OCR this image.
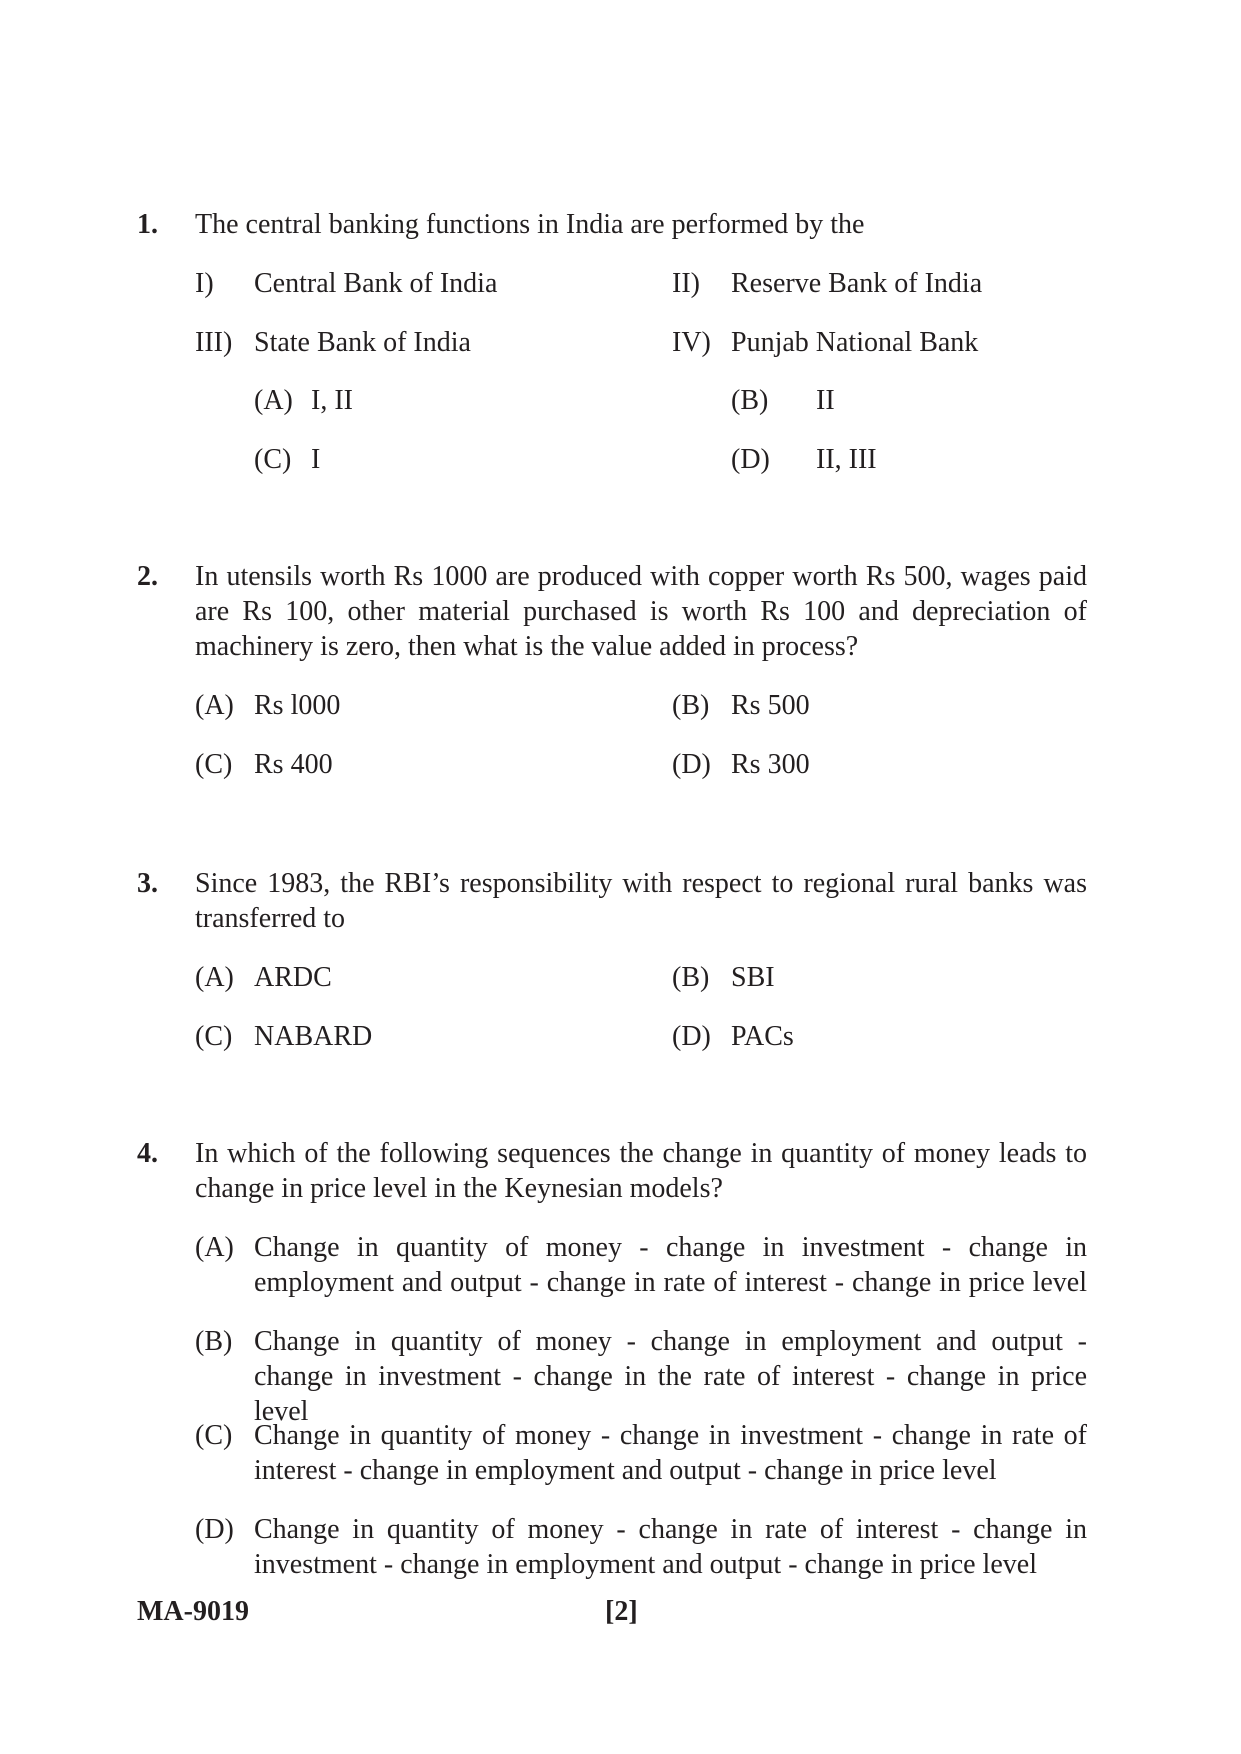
1. The central banking functions in India are performed by the
I) Central Bank of India	II) Reserve Bank of India
III) State Bank of India	IV) Punjab National Bank
(A) I, II	(B) II
(C) I	(D) II, III
2. In utensils worth Rs 1000 are produced with copper worth Rs 500, wages paid are Rs 100, other material purchased is worth Rs 100 and depreciation of machinery is zero, then what is the value added in process?
(A) Rs l000	(B) Rs 500
(C) Rs 400	(D) Rs 300
3. Since 1983, the RBI’s responsibility with respect to regional rural banks was transferred to
(A) ARDC	(B) SBI
(C) NABARD	(D) PACs
4. In which of the following sequences the change in quantity of money leads to change in price level in the Keynesian models?
(A) Change in quantity of money - change in investment - change in employment and output - change in rate of interest - change in price level
(B) Change in quantity of money - change in employment and output - change in investment - change in the rate of interest - change in price level
(C) Change in quantity of money - change in investment - change in rate of interest - change in employment and output - change in price level
(D) Change in quantity of money - change in rate of interest - change in investment - change in employment and output - change in price level
MA-9019	[2]
